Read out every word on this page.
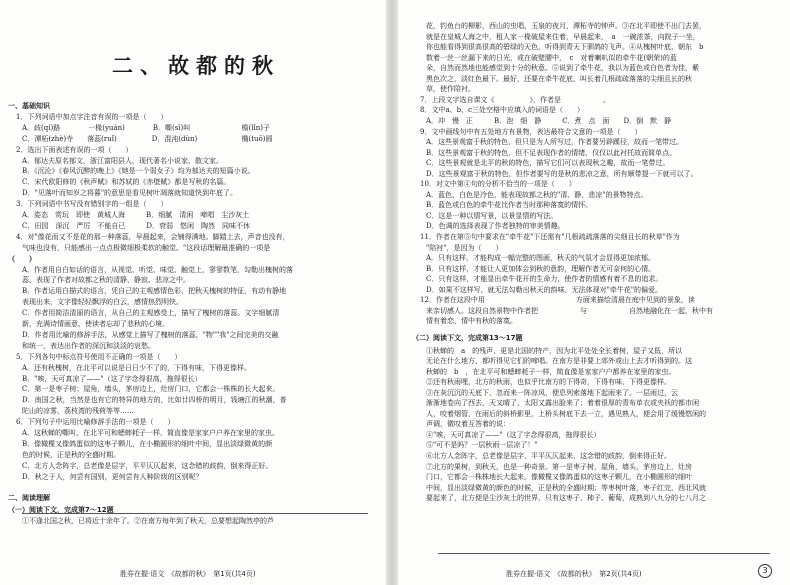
二、故都的秋
一、基础知识
1．下列词语中加点字注音有误的一项是（　　）
A．歧(qí)路　　　　一椽(yuán)　　　　B．嘶(sī)叫　　　　　　　 檐(lǐn)子
C．潭柘(zhè)寺　　落蕊(ruǐ)　　　　　D．混沌(dùn)　　　　　　 椭(tuǒ)圆
2．选出下面表述有误的一项（　　）
A．郁达夫原名郁文，浙江富阳县人，现代著名小说家、散文家。
B．《沉沦》《春风沉醉的晚上》《她是一个弱女子》均为郁达夫的短篇小说。
C．宋代欧阳修的《秋声赋》和苏轼的《赤壁赋》都是写秋的名篇。
D．"见落叶而知岁之将暮"的意思是看见树叶凋落就知道快到年底了。
3．下列词语中书写没有错别字的一组是（　　）
A．姿态　赏玩　即使　黄城人海　　　B．细腻　清闲　啼唱　尘沙灰土
C．田园　深沉　严厉　不能自已　　　D．衰弱　悠闲　陶然　同味不休
4．对"像花而又不是花的那一种落蕊，早晨起来，会铺得满地。脚踏上去，声音也没有，
气味也没有，只能感出一点点极微细极柔软的触觉。"这段话理解最准确的一项是
（　　）
A．作者用自白如话的语言，从视觉、听觉、味觉、触觉上，寥寥数笔，勾勒出槐树的落
蕊，表现了作者对故都之秋的清静、静寂、悲凉之中。
B．作者运用白描式的语言，凭自己的主观感情色彩，把秋天槐树的特征，有动有静地
表现出来，文字像轻轻飘浮的白云，感情热烈明快。
C．作者用简洁清丽的语言，从自己的主观感受上，描写了槐树的落蕊。文字细腻清
新，充满诗情画意，使读者忘却了悲秋的心境。
D．作者用比喻的修辞手法，从感觉上描写了槐树的落蕊，"物""我"之间完美的交融
和统一，表达出作者的深沉和淡淡的哀愁。
5．下列各句中标点符号使用不正确的一项是（　　）
A．还有秋槐树，在北平可以说是日日少不了的，下得有味，下得更像样。
B．"唉，天可真凉了——"（这了字念得很高，拖得很长）
C．第一是枣子树；屋角，墙头，茅房边上，灶房门口，它都会一株株的长大起来。
D．南国之秋，当然是也有它的特异的地方的，比如廿四桥的明月，钱塘江的秋潮，普
陀山的凉雾，荔枝湾的残荷等等……
6．下列句子中运用比喻修辞手法的一项是（　　）
A．这秋蝉的嘶叫，在北平可和蟋蟀耗子一样，简直像是家家户户养在家里的家虫。
B．像橄榄又像鸽蛋似的这枣子颗儿，在小椭圆形的细叶中间，显出淡绿微黄的颜
色的时候，正是秋的全盛时期。
C．北方人念阵字，总老像是层字，平平仄仄起来，这念错的歧韵，倒来得正好。
D．秋之于人，何尝有国别，更何尝有人种阶级的区别呢？
二、阅读理解
（一）阅读下文，完成第7～12题
①不逢北国之秋，已将近十余年了。②在南方每年到了秋天，总要想起陶然亭的芦
胜券在握·语文　《故都的秋》　第1页(共4页)
花，钓鱼台的柳影，西山的虫唱，玉泉的夜月，潭柘寺的钟声。③在北平即使不出门去罢，
就是在皇城人海之中，租人家一椽破屋来住着，早晨起来，　a　一碗浓茶，向院子一坐，
你也能看得到很高很高的碧绿的天色，听得到青天下驯鸽的飞声。④从槐树叶底，朝东　b
数着一丝一丝漏下来的日光，或在破壁腰中，　c　对着喇叭似的牵牛花(朝荣)的蓝
朵，自然而然地也能感觉到十分的秋意。⑤说到了牵牛花，我以为蓝色或白色者为佳，紫
黑色次之，淡红色最下。最好，还要在牵牛花底，叫长着几根疏疏落落的尖细且长的秋
草，使作陪衬。
7．上段文字选自课文《　　　　　》，作者是　　　　　　。
8．文中a、b、c三处空格中应填入的词语是（　　）
A．冲　慢　正　　　B．泡　细　静　　　C．煮　点　面　　D．倒　默　静
9．文中画线句中有五处地方有景物，表达最符合文意的一项是（　　）
A．这些景观富于秋的特色，但只是为人所写过，作者要另辟蹊径，故而一笔带过。
B．这些景观富于秋的特色，但不足表现作者的情绪，仅仅以此衬托故而简单点。
C．这些景观就是北平的秋的特色，描写它们可以表现秋之趣，故而一笔带过。
D．这些景观富于秋的特色，但作者要写的是秋的悲凉之意，所有顺带提一下就可以了。
10．对文中第④句的分析不恰当的一项是（　　）
A．蓝色、白色是冷色，能表现故都之秋的"清、静、悲凉"的景物特点。
B．蓝色或白色的牵牛花比作者当时那种落寞的情怀。
C．这是一种以情写景，以景显情的写法。
D．色调的选择表现了作者独特的审美情趣。
11．作者在第⑤句中要求在"牵牛花"下还需有"几根疏疏落落的尖细且长的秋草"作为
"陪衬"，是因为（　　）
A．只有这样，才能构成一幅完整的图画，秋天的气氛才会显得更加浓郁。
B．只有这样，才能让人更加体会到秋的意韵，理解作者无可奈何的心情。
C．只有这样，才能显出牵牛花开的生命力，使作者的情感有着不息的追求。
D．如果不这样写，就无法勾勒出秋天的韵味，无法体现对"牵牛花"的偏爱。
12．作者在这段中用　　　　　　　　　　　　　方面来描绘清晨在庭中见到的景象，读
来亲切感人。这段自然景物中作者把　　　　　　与　　　　　　自然地融化在一起，秋中有
情有着恋，情中有秋的落寞。
（二）阅读下文，完成第13～17题
①秋蝉的　a　的残声，更是北国的特产，因为北平处处全长着树，屋子又低，所以
无论在什么地方，都听得见它们的啼唱。在南方是非要上郊外或山上去才听得到的。这
秋蝉的　b　，在北平可和蟋蟀耗子一样，简直像是家家户户都养在家里的家虫。
②还有秋雨哩，北方的秋雨，也似乎比南方的下得奇，下得有味，下得更像样。
③在灰沉沉的天底下，忽而来一阵凉风，便息列索落地下起雨来了。一层雨过，云
渐渐地卷向了西去，天又晴了，太阳又露出脸来了；着着很厚的青布单衣或夹袄的都市闲
人，咬着烟管，在雨后的斜桥影里，上桥头树底下去一立，遇见熟人，便会用了缓慢悠闲的
声调，微叹着互答着的说：
④"唉，天可真凉了——"（这了字念得很高，拖得很长）
⑤"可不是吗？一层秋雨一层凉了！"
⑥北方人念阵字，总老像是层字，平平仄仄起来，这念错的歧韵，倒来得正好。
⑦北方的果树，到秋天，也是一种奇景。第一是枣子树，屋角，墙头，茅房边上，灶房
门口，它都会一株株地长大起来。像橄榄又像鸽蛋似的这枣子颗儿，在小椭圆形的细叶
中间，显出淡绿微黄的颜色的时候，正是秋的全盛时期；等枣树叶落，枣子红完，西北风就
要起来了，北方便是尘沙灰土的世界，只有这枣子、柿子、葡萄，成熟到八九分的七八月之
胜券在握·语文　《故都的秋》　第2页(共4页)	3
